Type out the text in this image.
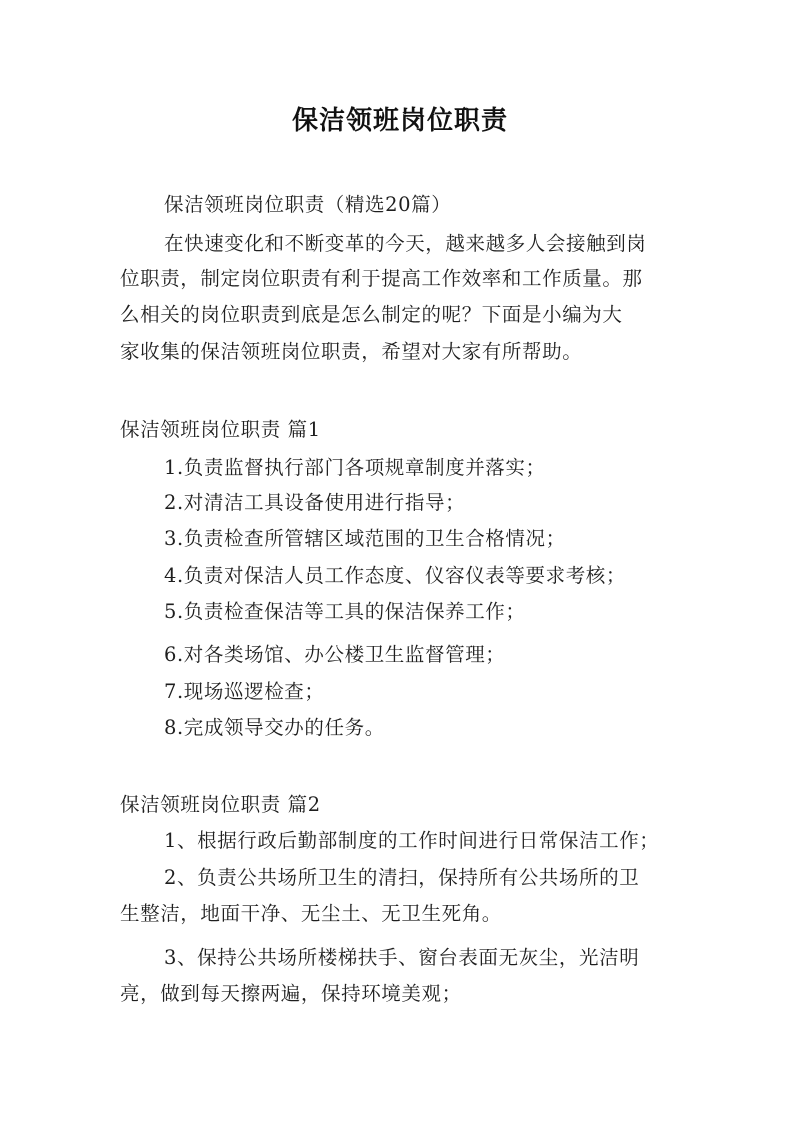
保洁领班岗位职责
保洁领班岗位职责（精选20篇）
在快速变化和不断变革的今天，越来越多人会接触到岗
位职责，制定岗位职责有利于提高工作效率和工作质量。那
么相关的岗位职责到底是怎么制定的呢？下面是小编为大
家收集的保洁领班岗位职责，希望对大家有所帮助。
保洁领班岗位职责 篇1
1.负责监督执行部门各项规章制度并落实；
2.对清洁工具设备使用进行指导；
3.负责检查所管辖区域范围的卫生合格情况；
4.负责对保洁人员工作态度、仪容仪表等要求考核；
5.负责检查保洁等工具的保洁保养工作；
6.对各类场馆、办公楼卫生监督管理；
7.现场巡逻检查；
8.完成领导交办的任务。
保洁领班岗位职责 篇2
1、根据行政后勤部制度的工作时间进行日常保洁工作；
2、负责公共场所卫生的清扫，保持所有公共场所的卫
生整洁，地面干净、无尘土、无卫生死角。
3、保持公共场所楼梯扶手、窗台表面无灰尘，光洁明
亮，做到每天擦两遍，保持环境美观；
